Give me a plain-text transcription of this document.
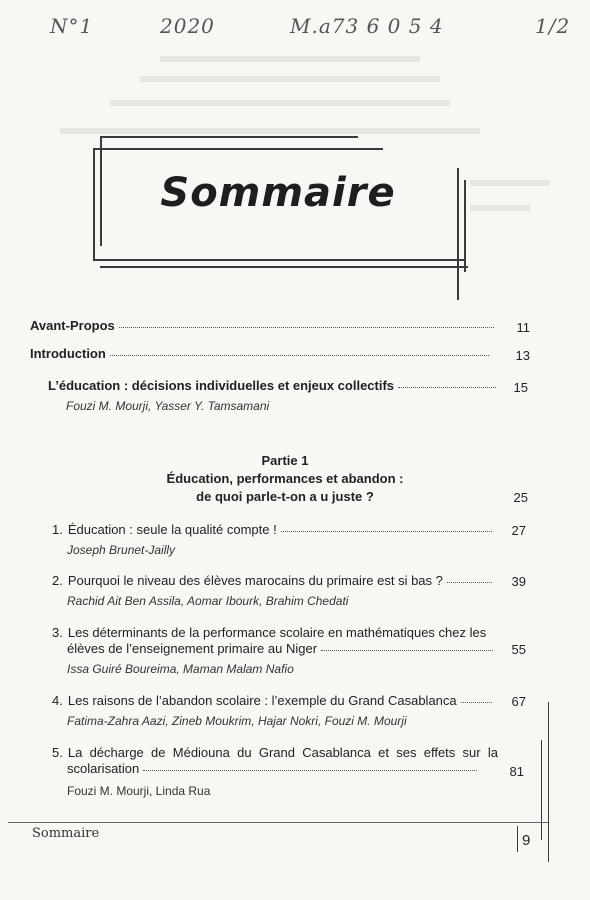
N°1	2020	M.a73 6 0 5 4	1/2
Sommaire
Avant-Propos	11
Introduction	13
L’éducation : décisions individuelles et enjeux collectifs	15
Fouzi M. Mourji, Yasser Y. Tamsamani
Partie 1
Éducation, performances et abandon :
de quoi parle-t-on a u juste ?	25
1. Éducation : seule la qualité compte !	27
Joseph Brunet-Jailly
2. Pourquoi le niveau des élèves marocains du primaire est si bas ?	39
Rachid Ait Ben Assila, Aomar Ibourk, Brahim Chedati
3. Les déterminants de la performance scolaire en mathématiques chez les
élèves de l’enseignement primaire au Niger	55
Issa Guiré Boureima, Maman Malam Nafio
4. Les raisons de l’abandon scolaire : l’exemple du Grand Casablanca	67
Fatima-Zahra Aazi, Zineb Moukrim, Hajar Nokri, Fouzi M. Mourji
5. La décharge de Médiouna du Grand Casablanca et ses effets sur la
scolarisation	81
Fouzi M. Mourji, Linda Rua
Sommaire	9
